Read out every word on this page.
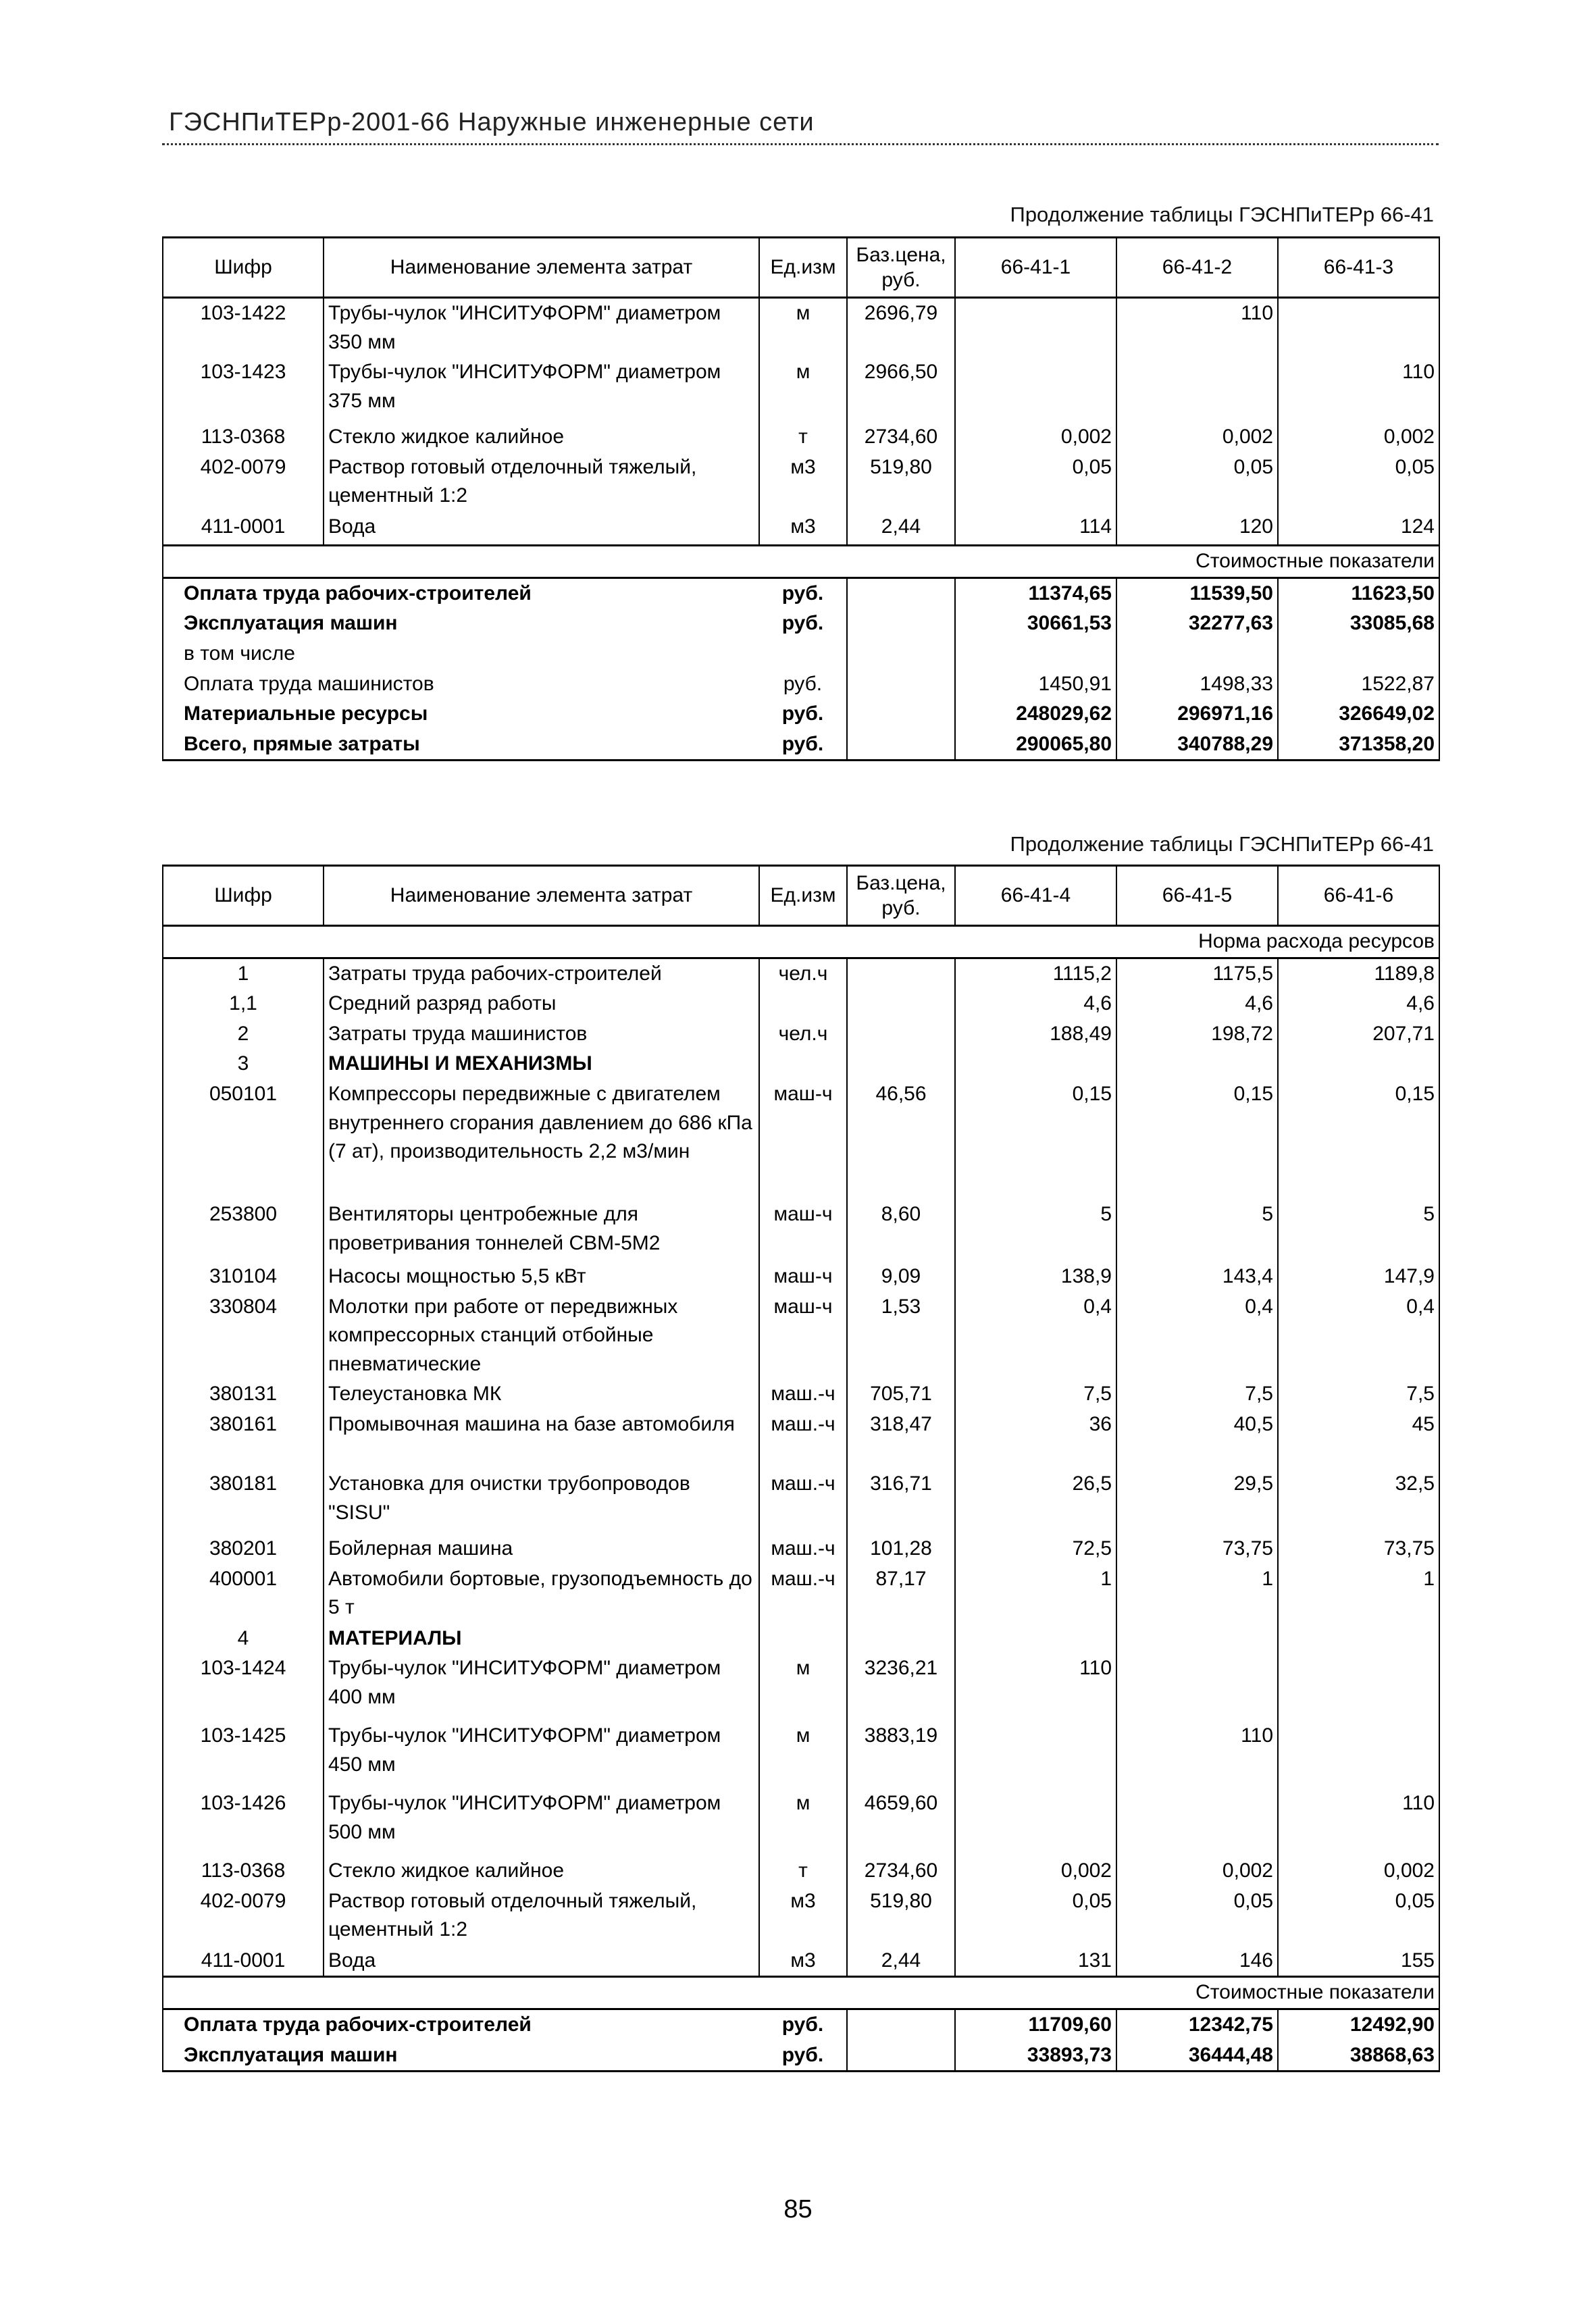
ГЭСНПиТЕРр-2001-66 Наружные инженерные сети
Продолжение таблицы ГЭСНПиТЕРр 66-41
Шифр	Наименование элемента затрат	Ед.изм	Баз.цена, руб.	66-41-1	66-41-2	66-41-3
103-1422	Трубы-чулок "ИНСИТУФОРМ" диаметром 350 мм	м	2696,79		110	
103-1423	Трубы-чулок "ИНСИТУФОРМ" диаметром 375 мм	м	2966,50			110
113-0368	Стекло жидкое калийное	т	2734,60	0,002	0,002	0,002
402-0079	Раствор готовый отделочный тяжелый, цементный 1:2	м3	519,80	0,05	0,05	0,05
411-0001	Вода	м3	2,44	114	120	124
Стоимостные показатели						
Оплата труда рабочих-строителей		руб.		11374,65	11539,50	11623,50
Эксплуатация машин		руб.		30661,53	32277,63	33085,68
в том числе						
Оплата труда машинистов		руб.		1450,91	1498,33	1522,87
Материальные ресурсы		руб.		248029,62	296971,16	326649,02
Всего, прямые затраты		руб.		290065,80	340788,29	371358,20
Продолжение таблицы ГЭСНПиТЕРр 66-41
Шифр	Наименование элемента затрат	Ед.изм	Баз.цена, руб.	66-41-4	66-41-5	66-41-6
Норма расхода ресурсов						
1	Затраты труда рабочих-строителей	чел.ч		1115,2	1175,5	1189,8
1,1	Средний разряд работы			4,6	4,6	4,6
2	Затраты труда машинистов	чел.ч		188,49	198,72	207,71
3	МАШИНЫ И МЕХАНИЗМЫ					
050101	Компрессоры передвижные с двигателем внутреннего сгорания давлением до 686 кПа (7 ат), производительность 2,2 м3/мин	маш-ч	46,56	0,15	0,15	0,15
253800	Вентиляторы центробежные для проветривания тоннелей СВМ-5М2	маш-ч	8,60	5	5	5
310104	Насосы мощностью 5,5 кВт	маш-ч	9,09	138,9	143,4	147,9
330804	Молотки при работе от передвижных компрессорных станций отбойные пневматические	маш-ч	1,53	0,4	0,4	0,4
380131	Телеустановка МК	маш.-ч	705,71	7,5	7,5	7,5
380161	Промывочная машина на базе автомобиля	маш.-ч	318,47	36	40,5	45
380181	Установка для очистки трубопроводов "SISU"	маш.-ч	316,71	26,5	29,5	32,5
380201	Бойлерная машина	маш.-ч	101,28	72,5	73,75	73,75
400001	Автомобили бортовые, грузоподъемность до 5 т	маш.-ч	87,17	1	1	1
4	МАТЕРИАЛЫ					
103-1424	Трубы-чулок "ИНСИТУФОРМ" диаметром 400 мм	м	3236,21	110		
103-1425	Трубы-чулок "ИНСИТУФОРМ" диаметром 450 мм	м	3883,19		110	
103-1426	Трубы-чулок "ИНСИТУФОРМ" диаметром 500 мм	м	4659,60			110
113-0368	Стекло жидкое калийное	т	2734,60	0,002	0,002	0,002
402-0079	Раствор готовый отделочный тяжелый, цементный 1:2	м3	519,80	0,05	0,05	0,05
411-0001	Вода	м3	2,44	131	146	155
Стоимостные показатели						
Оплата труда рабочих-строителей		руб.		11709,60	12342,75	12492,90
Эксплуатация машин		руб.		33893,73	36444,48	38868,63
85
